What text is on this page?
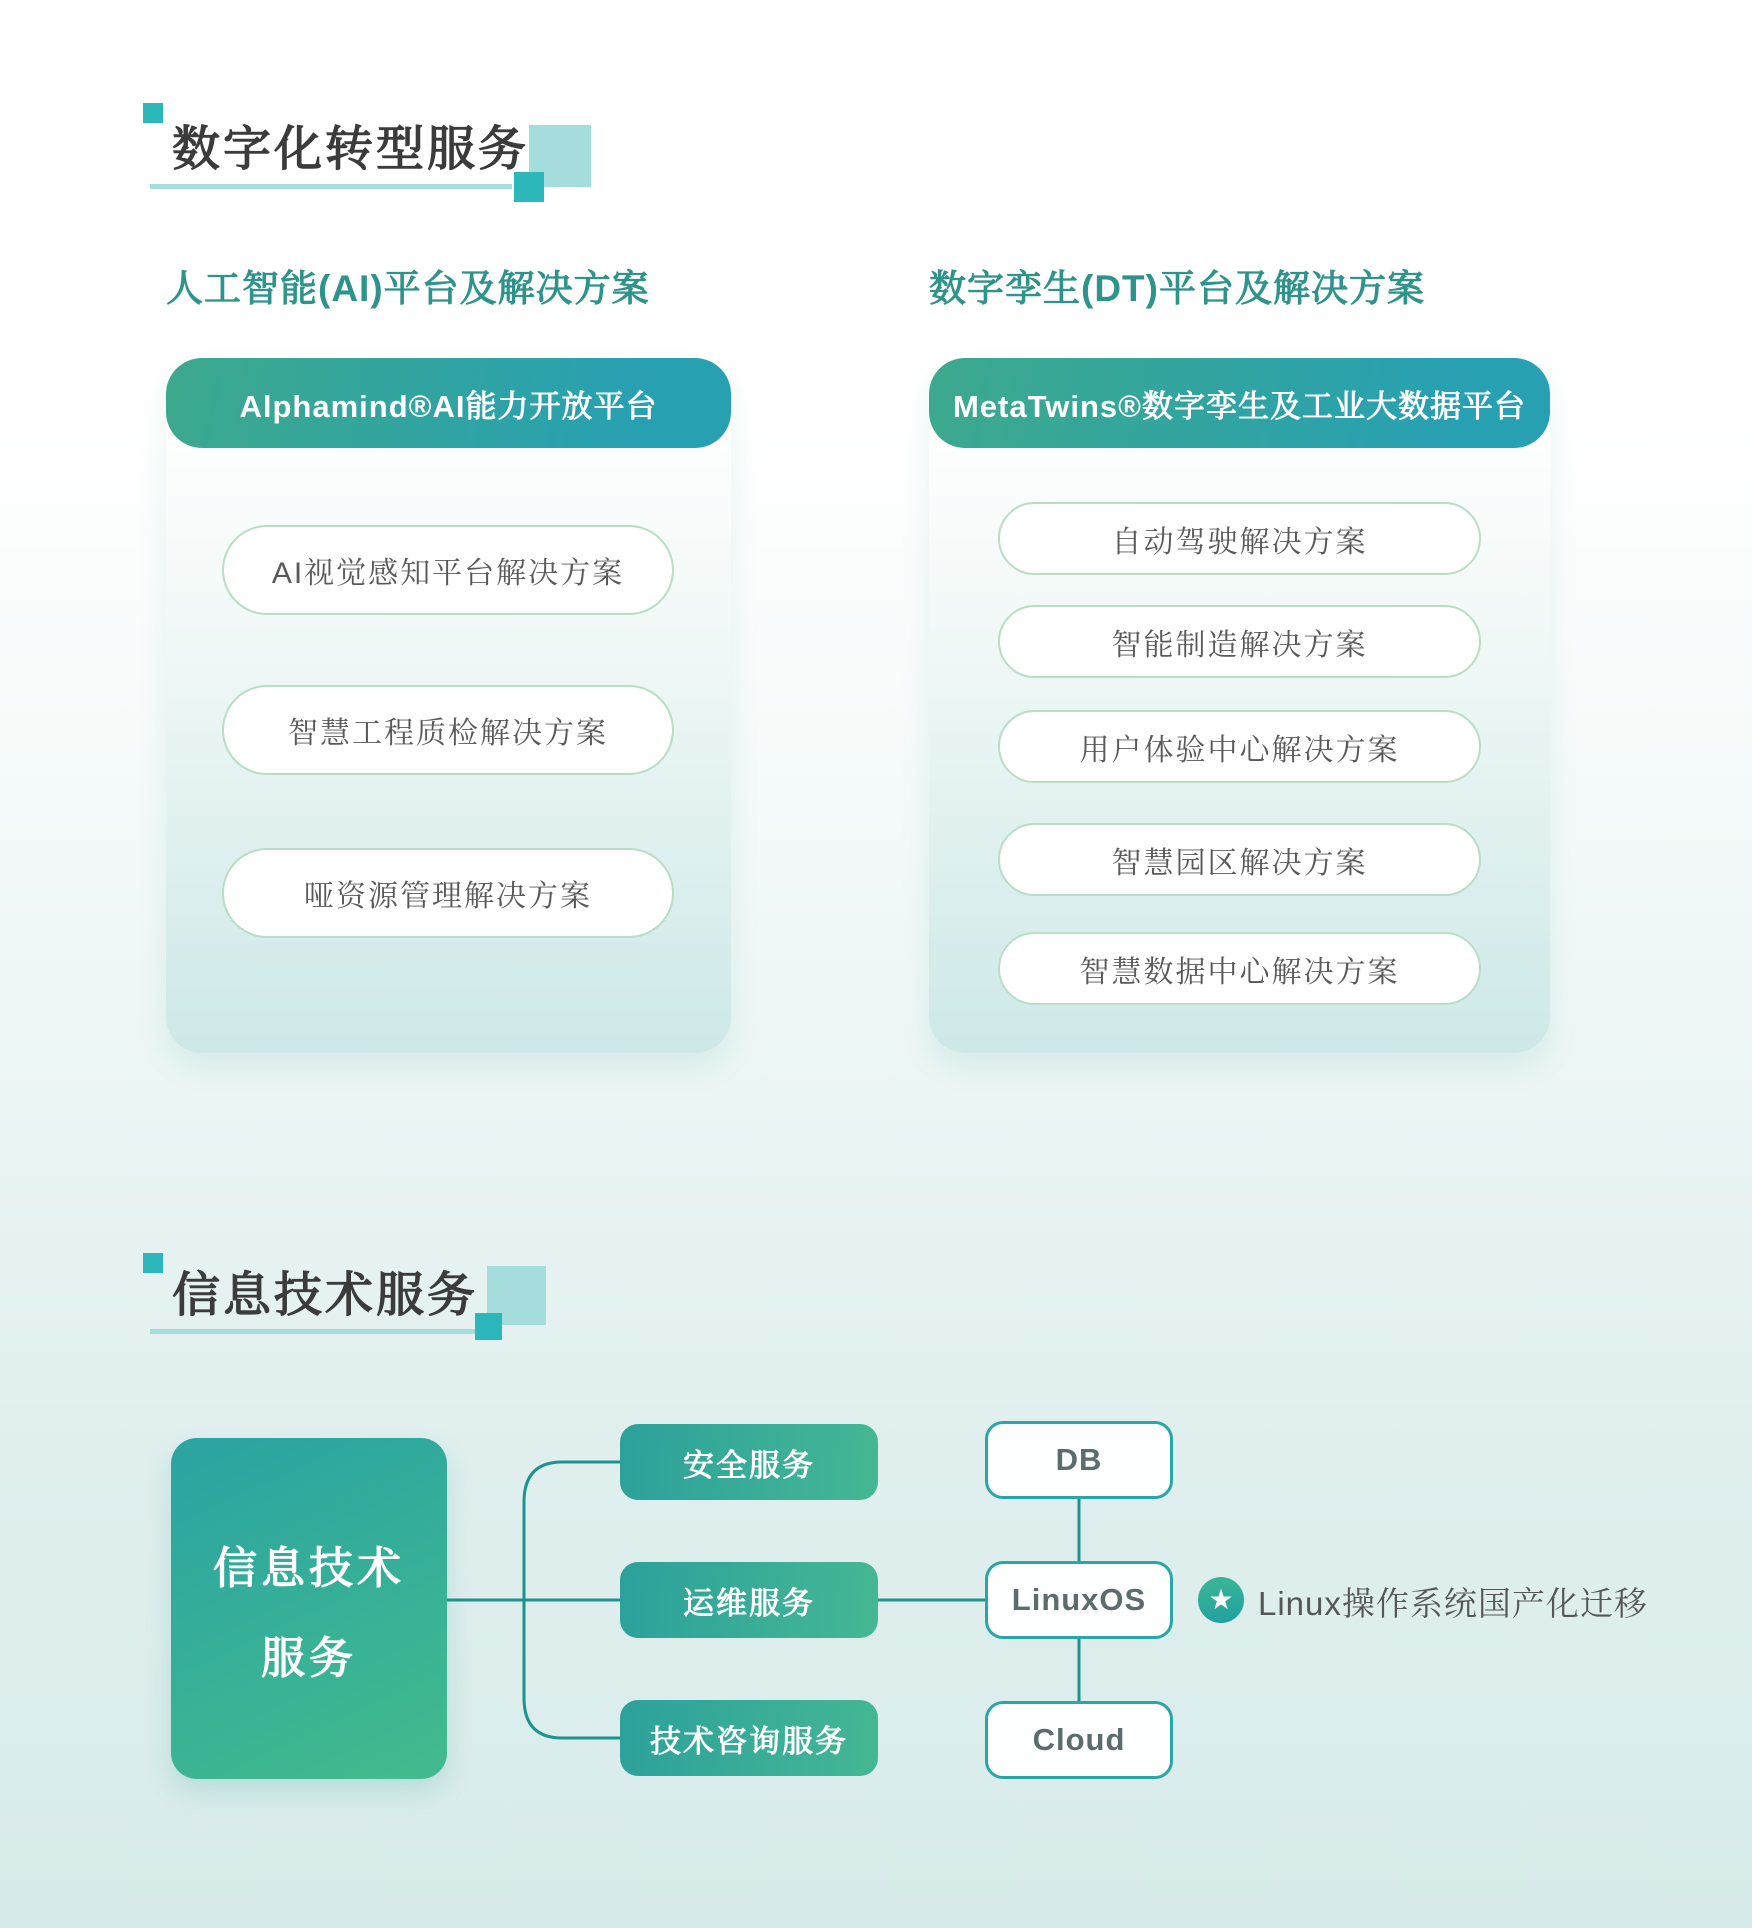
数字化转型服务
人工智能(AI)平台及解决方案	数字孪生(DT)平台及解决方案
Alphamind®AI能力开放平台
AI视觉感知平台解决方案
智慧工程质检解决方案
哑资源管理解决方案
MetaTwins®数字孪生及工业大数据平台
自动驾驶解决方案
智能制造解决方案
用户体验中心解决方案
智慧园区解决方案
智慧数据中心解决方案
信息技术服务
信息技术
服务
安全服务
运维服务
技术咨询服务
DB
LinuxOS
Cloud
★ Linux操作系统国产化迁移
